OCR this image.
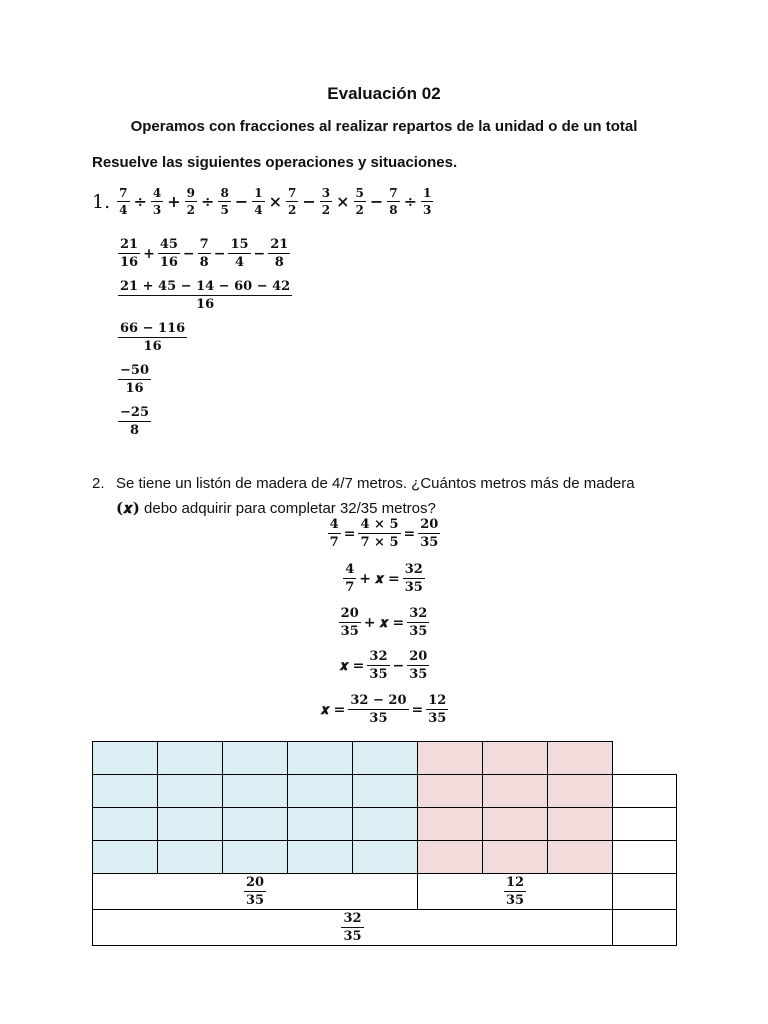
Evaluación 02
Operamos con fracciones al realizar repartos de la unidad o de un total
Resuelve las siguientes operaciones y situaciones.
1. $\frac{7}{4} \div \frac{4}{3} + \frac{9}{2} \div \frac{8}{5} - \frac{1}{4} \times \frac{7}{2} - \frac{3}{2} \times \frac{5}{2} - \frac{7}{8} \div \frac{1}{3}$
$\frac{21}{16} + \frac{45}{16} - \frac{7}{8} - \frac{15}{4} - \frac{21}{8}$
$\frac{21 + 45 - 14 - 60 - 42}{16}$
$\frac{66 - 116}{16}$
$\frac{-50}{16}$
$\frac{-25}{8}$
2. Se tiene un listón de madera de 4/7 metros. ¿Cuántos metros más de madera
(𝒙) debo adquirir para completar 32/35 metros?
$\frac{4}{7} = \frac{4 \times 5}{7 \times 5} = \frac{20}{35}$
$\frac{4}{7}$ + 𝒙 = $\frac{32}{35}$
$\frac{20}{35}$ + 𝒙 = $\frac{32}{35}$
𝒙 = $\frac{32}{35} - \frac{20}{35}$
𝒙 = $\frac{32 - 20}{35} = \frac{12}{35}$
$\frac{20}{35}$	$\frac{12}{35}$
$\frac{32}{35}$
